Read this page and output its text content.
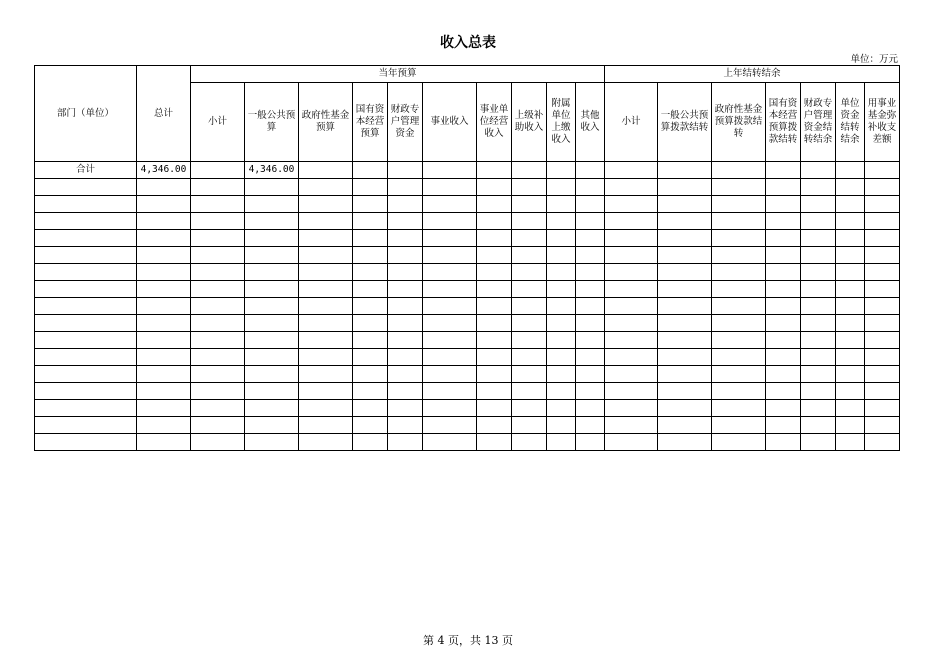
收入总表
单位：万元
部门（单位）	总计	当年预算										上年结转结余						
		小计	一般公共预算	政府性基金预算	国有资本经营预算	财政专户管理资金	事业收入	事业单位经营收入	上级补助收入	附属单位上缴收入	其他收入	小计	一般公共预算拨款结转	政府性基金预算拨款结转	国有资本经营预算拨款结转	财政专户管理资金结转结余	单位资金结转结余	用事业基金弥补收支差额
合计	4,346.00		4,346.00															

第 4 页，共 13 页
